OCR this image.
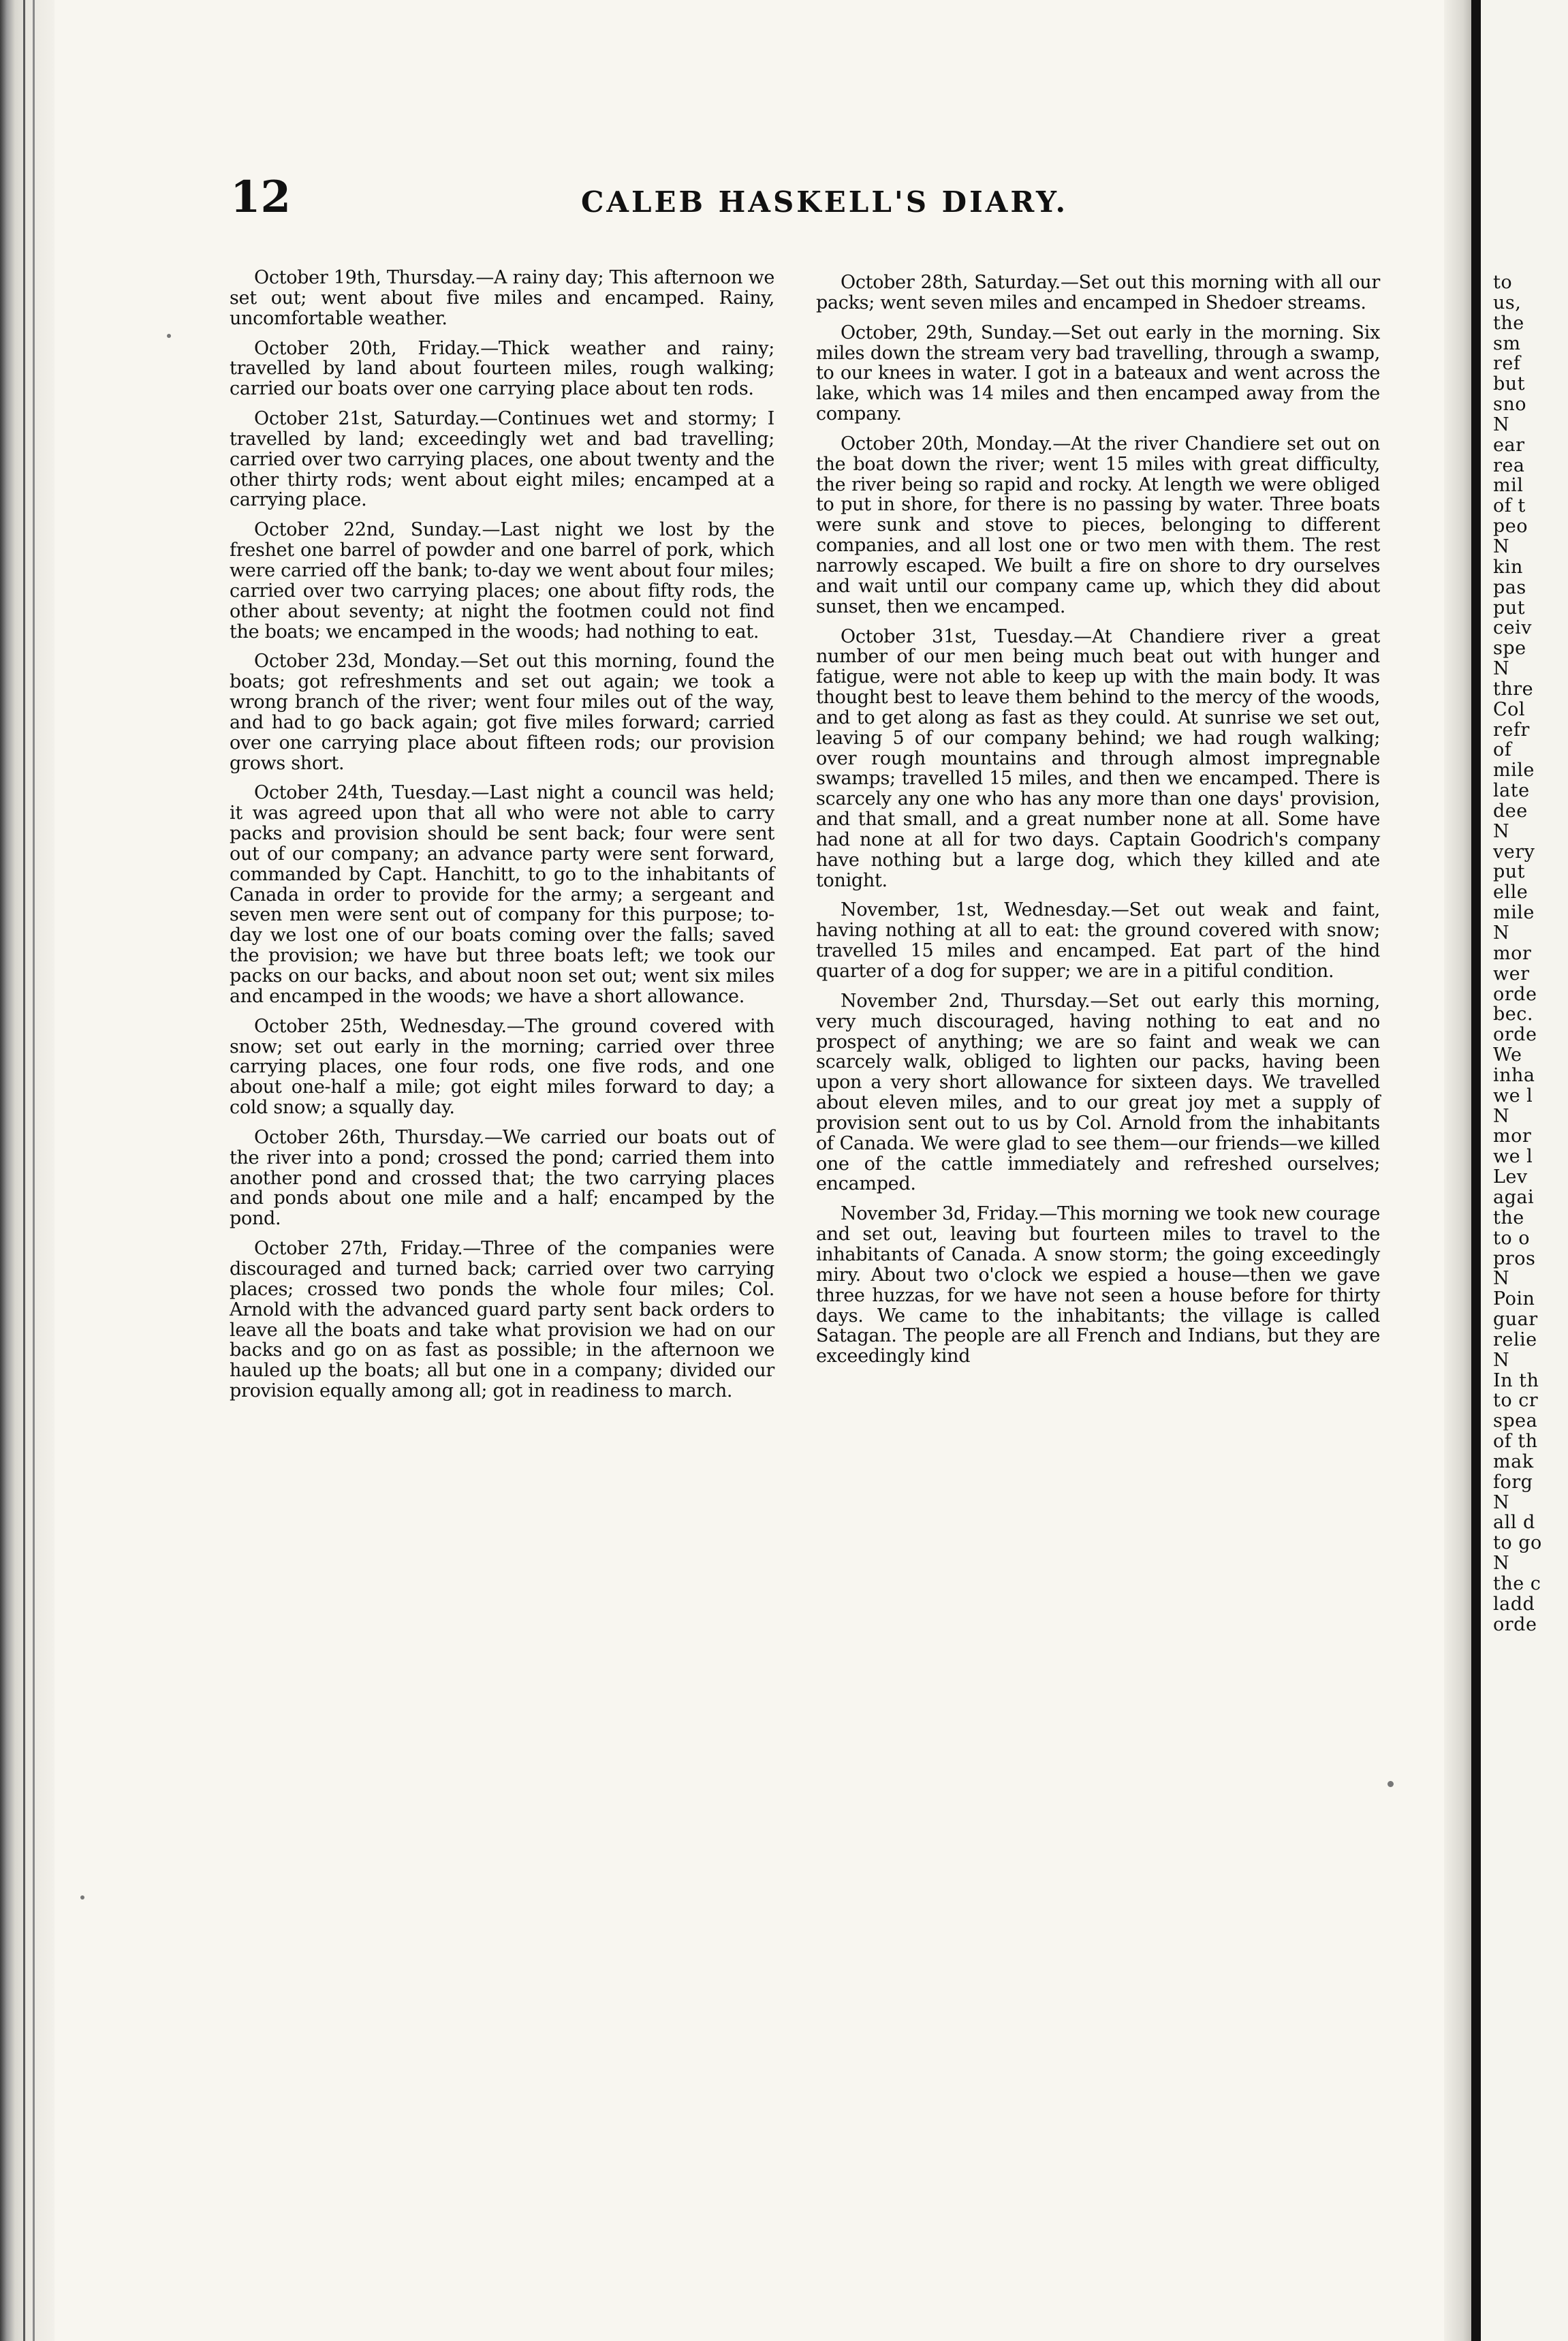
to
us,
the
sm
ref
but
sno
N
ear
rea
mil
of t
peo
N
kin
pas
put
ceiv
spe
N
thre
Col
refr
of
mile
late
dee
N
very
put
elle
mile
N
mor
wer
orde
bec.
orde
We
inha
we l
N
mor
we l
Lev
agai
the
to o
pros
N
Poin
guar
relie
N
In th
to cr
spea
of th
mak
forg
N
all d
to go
N
the c
ladd
orde
12	CALEB HASKELL'S DIARY.

October 19th, Thursday.—A rainy day; This afternoon we set out; went about five miles and encamped. Rainy, uncomfortable weather.

October 20th, Friday.—Thick weather and rainy; travelled by land about fourteen miles, rough walking; carried our boats over one carrying place about ten rods.

October 21st, Saturday.—Continues wet and stormy; I travelled by land; exceedingly wet and bad travelling; carried over two carrying places, one about twenty and the other thirty rods; went about eight miles; encamped at a carrying place.

October 22nd, Sunday.—Last night we lost by the freshet one barrel of powder and one barrel of pork, which were carried off the bank; to-day we went about four miles; carried over two carrying places; one about fifty rods, the other about seventy; at night the footmen could not find the boats; we encamped in the woods; had nothing to eat.

October 23d, Monday.—Set out this morning, found the boats; got refreshments and set out again; we took a wrong branch of the river; went four miles out of the way, and had to go back again; got five miles forward; carried over one carrying place about fifteen rods; our provision grows short.

October 24th, Tuesday.—Last night a council was held; it was agreed upon that all who were not able to carry packs and provision should be sent back; four were sent out of our company; an advance party were sent forward, commanded by Capt. Hanchitt, to go to the inhabitants of Canada in order to provide for the army; a sergeant and seven men were sent out of company for this purpose; to-day we lost one of our boats coming over the falls; saved the provision; we have but three boats left; we took our packs on our backs, and about noon set out; went six miles and encamped in the woods; we have a short allowance.

October 25th, Wednesday.—The ground covered with snow; set out early in the morning; carried over three carrying places, one four rods, one five rods, and one about one-half a mile; got eight miles forward to day; a cold snow; a squally day.

October 26th, Thursday.—We carried our boats out of the river into a pond; crossed the pond; carried them into another pond and crossed that; the two carrying places and ponds about one mile and a half; encamped by the pond.

October 27th, Friday.—Three of the companies were discouraged and turned back; carried over two carrying places; crossed two ponds the whole four miles; Col. Arnold with the advanced guard party sent back orders to leave all the boats and take what provision we had on our backs and go on as fast as possible; in the afternoon we hauled up the boats; all but one in a company; divided our provision equally among all; got in readiness to march.

October 28th, Saturday.—Set out this morning with all our packs; went seven miles and encamped in Shedoer streams.

October, 29th, Sunday.—Set out early in the morning. Six miles down the stream very bad travelling, through a swamp, to our knees in water. I got in a bateaux and went across the lake, which was 14 miles and then encamped away from the company.

October 20th, Monday.—At the river Chandiere set out on the boat down the river; went 15 miles with great difficulty, the river being so rapid and rocky. At length we were obliged to put in shore, for there is no passing by water. Three boats were sunk and stove to pieces, belonging to different companies, and all lost one or two men with them. The rest narrowly escaped. We built a fire on shore to dry ourselves and wait until our company came up, which they did about sunset, then we encamped.

October 31st, Tuesday.—At Chandiere river a great number of our men being much beat out with hunger and fatigue, were not able to keep up with the main body. It was thought best to leave them behind to the mercy of the woods, and to get along as fast as they could. At sunrise we set out, leaving 5 of our company behind; we had rough walking; over rough mountains and through almost impregnable swamps; travelled 15 miles, and then we encamped. There is scarcely any one who has any more than one days' provision, and that small, and a great number none at all. Some have had none at all for two days. Captain Goodrich's company have nothing but a large dog, which they killed and ate tonight.

November, 1st, Wednesday.—Set out weak and faint, having nothing at all to eat: the ground covered with snow; travelled 15 miles and encamped. Eat part of the hind quarter of a dog for supper; we are in a pitiful condition.

November 2nd, Thursday.—Set out early this morning, very much discouraged, having nothing to eat and no prospect of anything; we are so faint and weak we can scarcely walk, obliged to lighten our packs, having been upon a very short allowance for sixteen days. We travelled about eleven miles, and to our great joy met a supply of provision sent out to us by Col. Arnold from the inhabitants of Canada. We were glad to see them—our friends—we killed one of the cattle immediately and refreshed ourselves; encamped.

November 3d, Friday.—This morning we took new courage and set out, leaving but fourteen miles to travel to the inhabitants of Canada. A snow storm; the going exceedingly miry. About two o'clock we espied a house—then we gave three huzzas, for we have not seen a house before for thirty days. We came to the inhabitants; the village is called Satagan. The people are all French and Indians, but they are exceedingly kind
